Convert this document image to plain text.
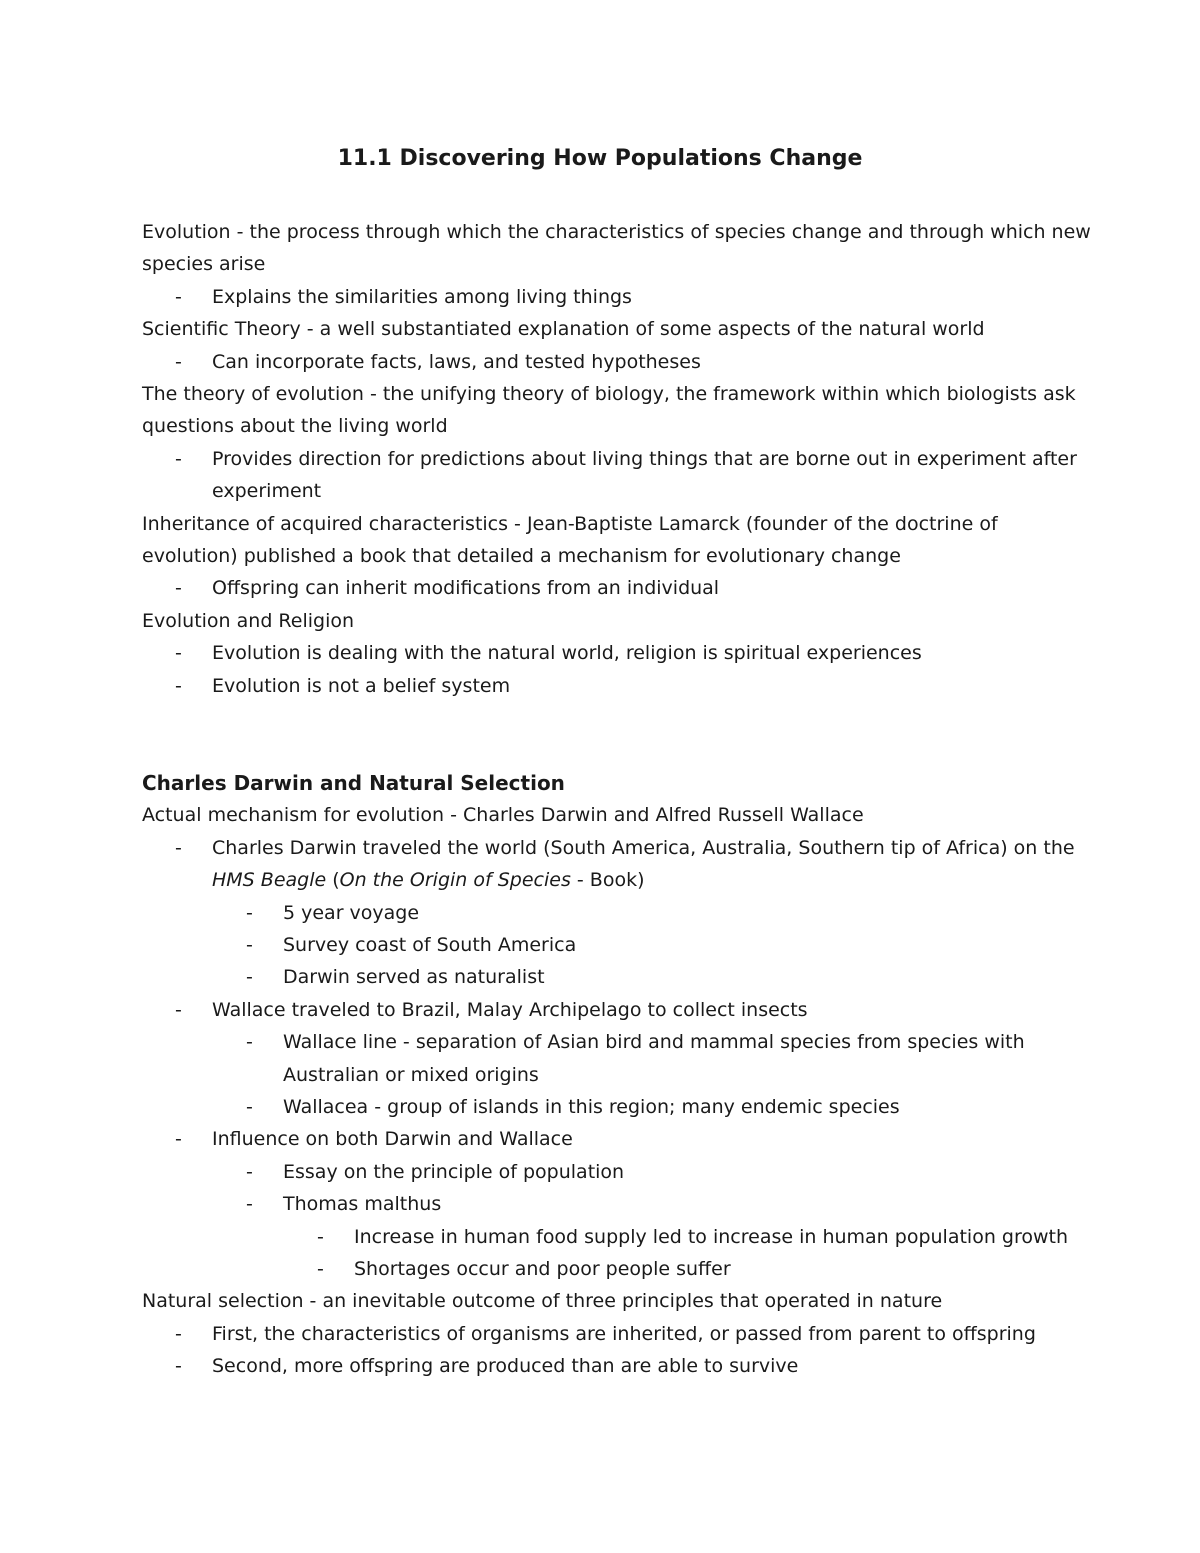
11.1 Discovering How Populations Change
Evolution - the process through which the characteristics of species change and through which new
species arise
- Explains the similarities among living things
Scientific Theory - a well substantiated explanation of some aspects of the natural world
- Can incorporate facts, laws, and tested hypotheses
The theory of evolution - the unifying theory of biology, the framework within which biologists ask
questions about the living world
- Provides direction for predictions about living things that are borne out in experiment after
experiment
Inheritance of acquired characteristics - Jean-Baptiste Lamarck (founder of the doctrine of
evolution) published a book that detailed a mechanism for evolutionary change
- Offspring can inherit modifications from an individual
Evolution and Religion
- Evolution is dealing with the natural world, religion is spiritual experiences
- Evolution is not a belief system
Charles Darwin and Natural Selection
Actual mechanism for evolution - Charles Darwin and Alfred Russell Wallace
- Charles Darwin traveled the world (South America, Australia, Southern tip of Africa) on the
HMS Beagle (On the Origin of Species - Book)
- 5 year voyage
- Survey coast of South America
- Darwin served as naturalist
- Wallace traveled to Brazil, Malay Archipelago to collect insects
- Wallace line - separation of Asian bird and mammal species from species with
Australian or mixed origins
- Wallacea - group of islands in this region; many endemic species
- Influence on both Darwin and Wallace
- Essay on the principle of population
- Thomas malthus
- Increase in human food supply led to increase in human population growth
- Shortages occur and poor people suffer
Natural selection - an inevitable outcome of three principles that operated in nature
- First, the characteristics of organisms are inherited, or passed from parent to offspring
- Second, more offspring are produced than are able to survive
